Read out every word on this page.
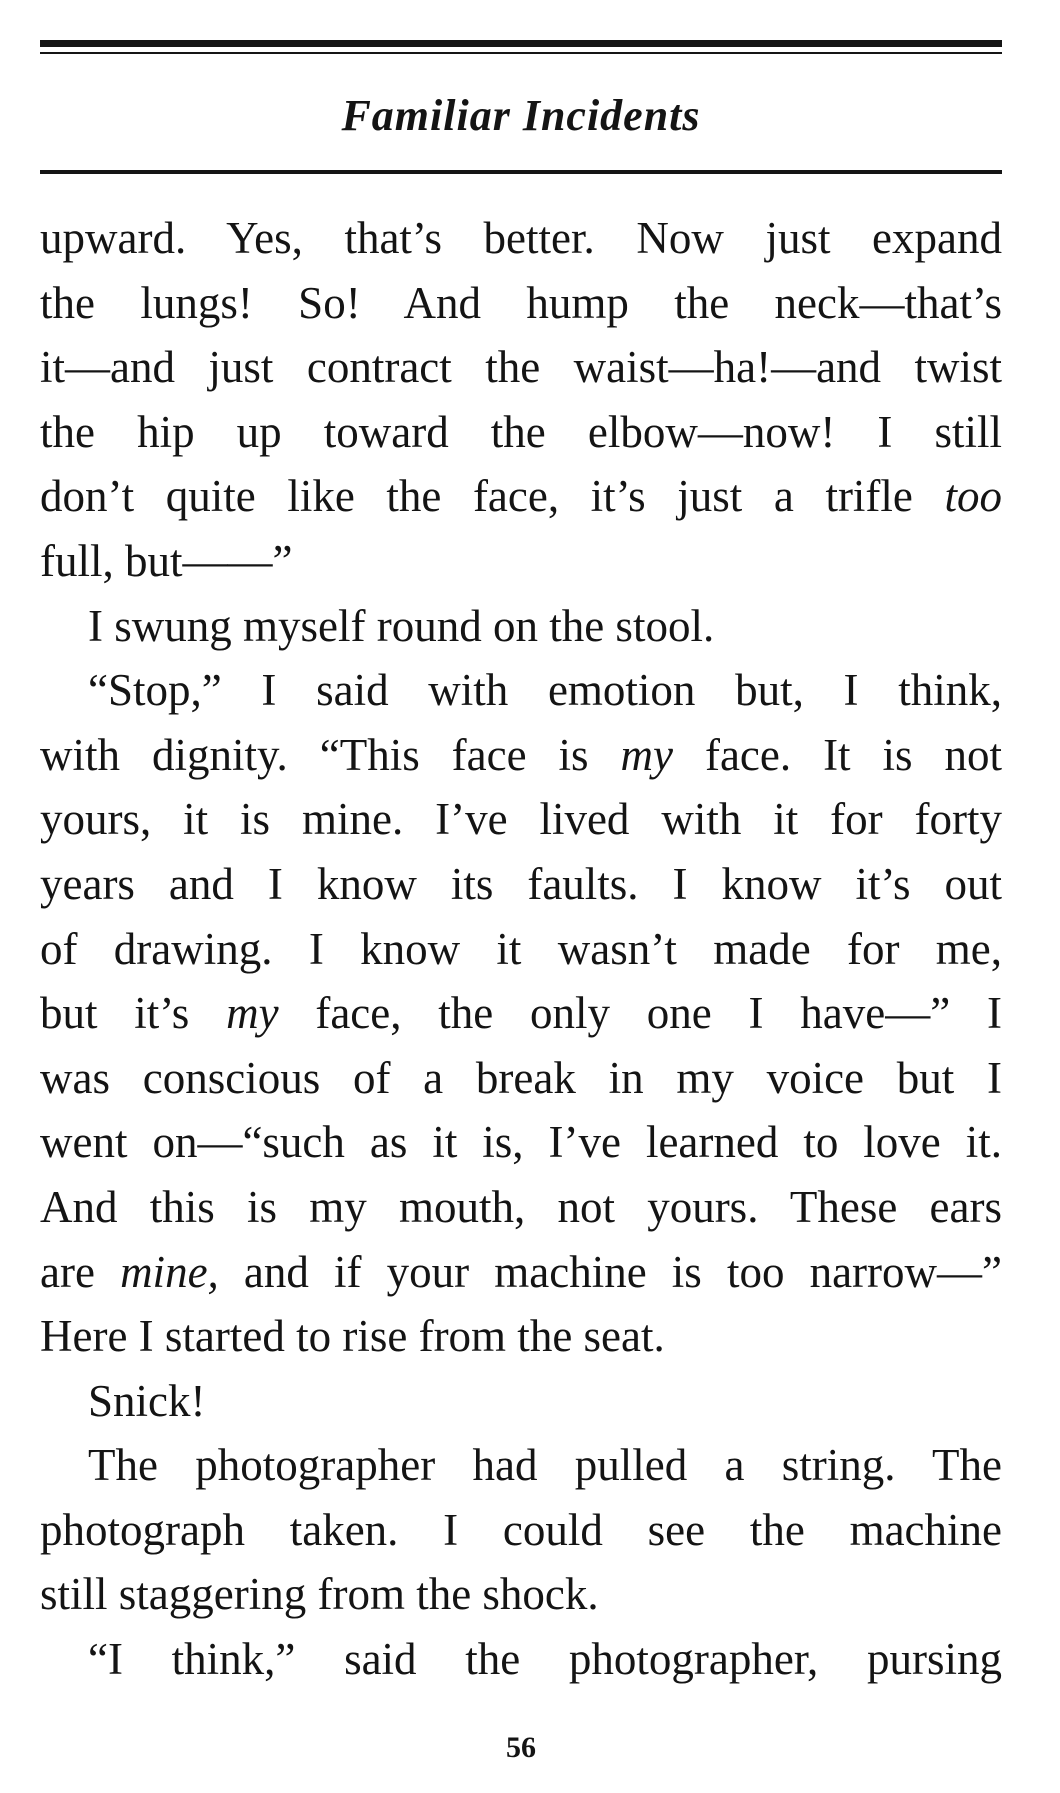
Familiar Incidents
upward. Yes, that’s better. Now just expand
the lungs! So! And hump the neck—that’s
it—and just contract the waist—ha!—and twist
the hip up toward the elbow—now! I still
don’t quite like the face, it’s just a trifle too
full, but——”
I swung myself round on the stool.
“Stop,” I said with emotion but, I think,
with dignity. “This face is my face. It is not
yours, it is mine. I’ve lived with it for forty
years and I know its faults. I know it’s out
of drawing. I know it wasn’t made for me,
but it’s my face, the only one I have—” I
was conscious of a break in my voice but I
went on—“such as it is, I’ve learned to love it.
And this is my mouth, not yours. These ears
are mine, and if your machine is too narrow—”
Here I started to rise from the seat.
Snick!
The photographer had pulled a string. The
photograph taken. I could see the machine
still staggering from the shock.
“I think,” said the photographer, pursing
56
